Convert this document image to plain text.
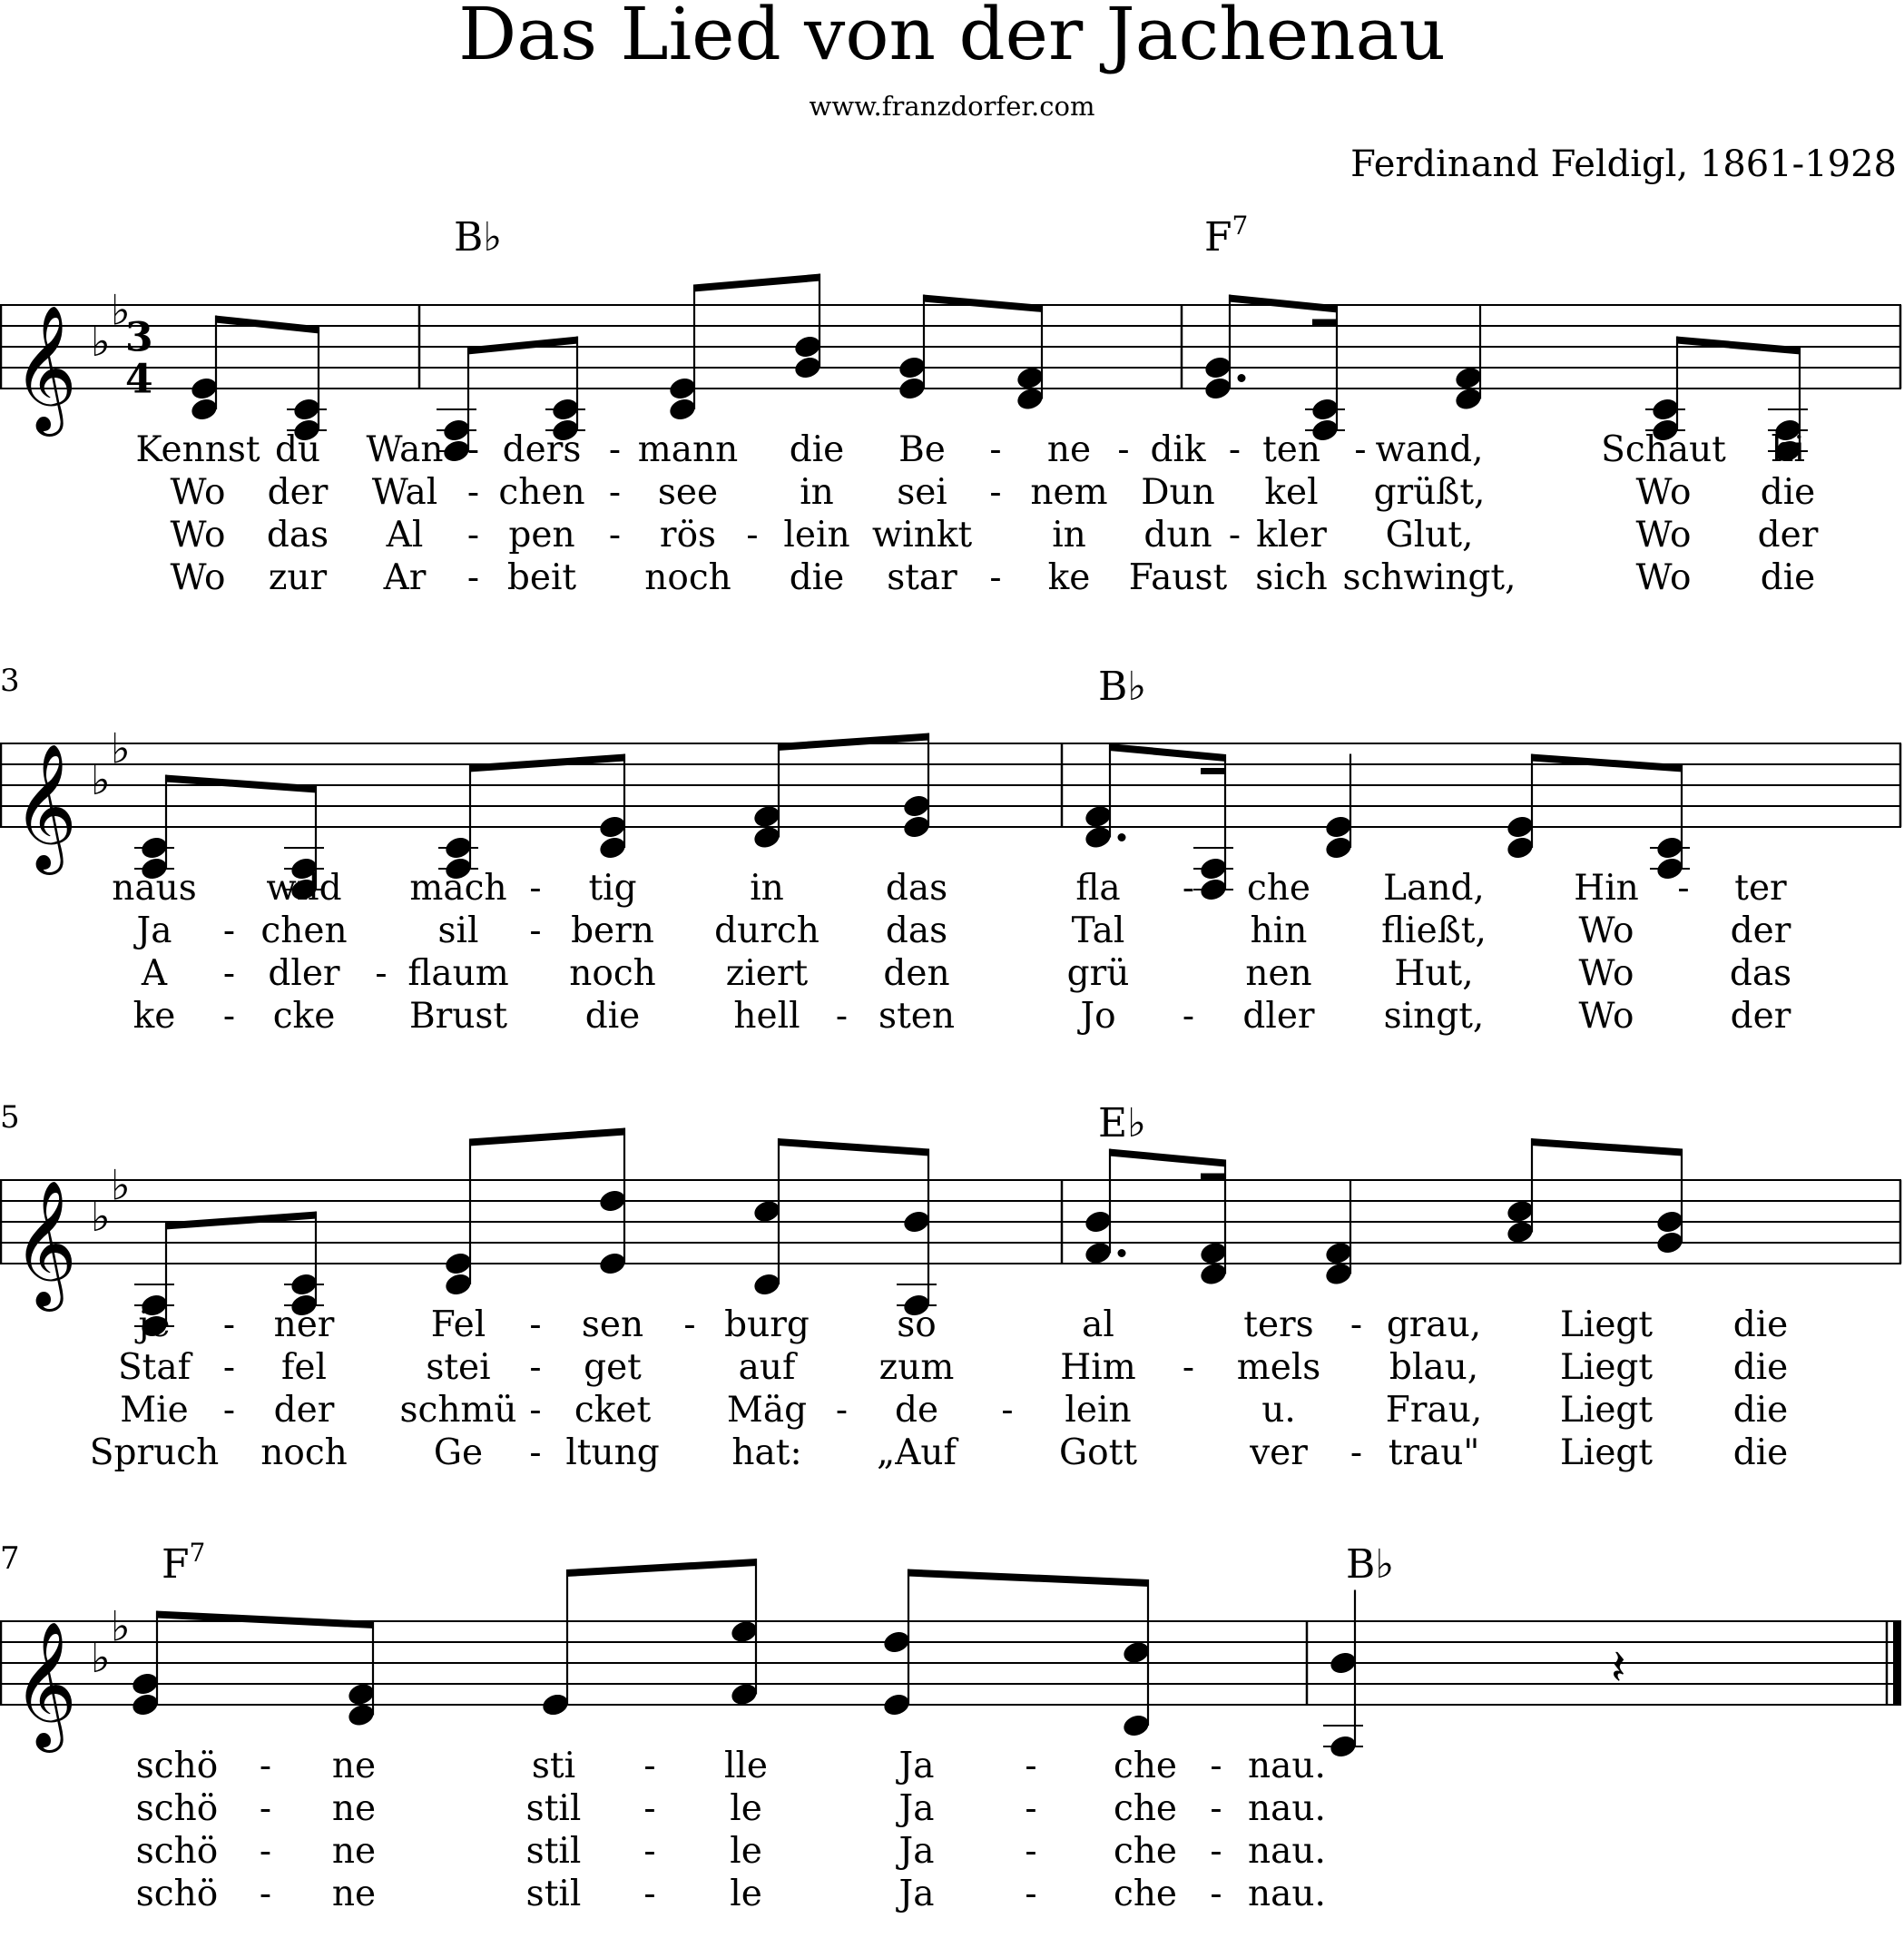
Das Lied von der Jachenau
www.franzdorfer.com
Ferdinand Feldigl, 1861-1928
𝄞 ♭
♭
3
4
B♭	$F^7$
𝄞 ♭
♭
3	B♭
𝄞 ♭
♭
5	E♭
𝄞 ♭
♭
7	$F^7$	B♭
𝄽
Kennst du Wan ders mann die Be	ne dik ten wand,	Schaut hi
-	-	-	-	-	-
Wo der Wal chen see in sei nem Dun kel grüßt,	Wo die
-	-	-
Wo das Al pen rös lein winkt in dun kler Glut,	Wo der
-	-	-	-
Wo zur Ar beit noch die star	ke Faust sich schwingt,	Wo die
-	-
naus wild mäch tig	in	das	fla	che Land,	Hin	ter
-	-	-
Ja	chen	sil	bern durch das	Tal	hin fließt,	Wo	der
-	-
A	dler flaum noch ziert den	grü	nen Hut,	Wo	das
-	-
ke	cke Brust die	hell sten	Jo	dler singt,	Wo	der
-	-	-
je	ner	Fel	sen burg so	al	ters grau, Liegt die
-	-	-	-
Staf	fel	stei	get	auf zum	Him	mels blau, Liegt die
-	-	-
Mie der schmü cket Mäg de	lein	u.	Frau, Liegt die
-	-	-	-
Spruch noch Ge ltung hat: „Auf	Gott	ver trau" Liegt die
-	-
schö	ne	sti	lle	Ja	che nau.
-	-	-	-
schö	ne	stil	le	Ja	che nau.
-	-	-	-
schö	ne	stil	le	Ja	che nau.
-	-	-	-
schö	ne	stil	le	Ja	che nau.
-	-	-	-
